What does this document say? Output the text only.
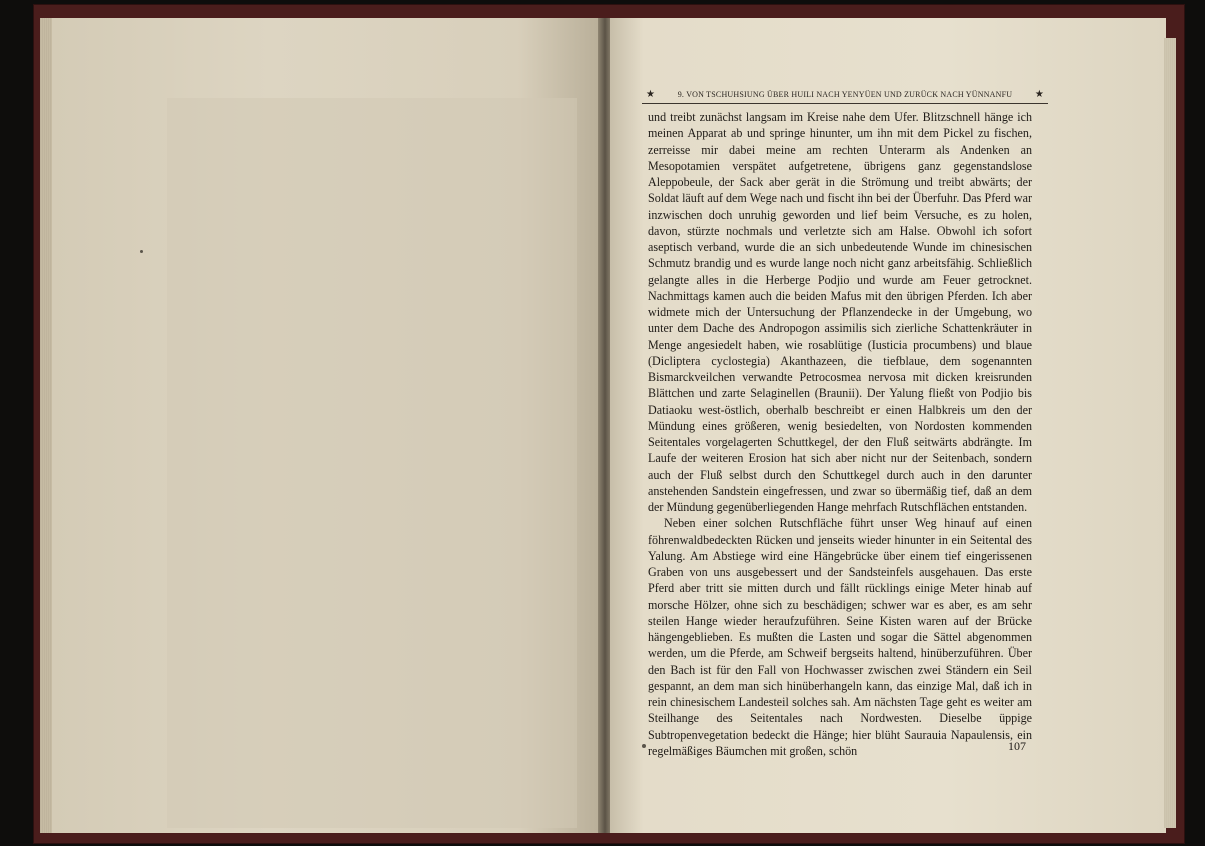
★	9. VON TSCHUHSIUNG ÜBER HUILI NACH YENYÜEN UND ZURÜCK NACH YÜNNANFU ★

und treibt zunächst langsam im Kreise nahe dem Ufer. Blitzschnell hänge ich meinen Apparat ab und springe hinunter, um ihn mit dem Pickel zu fischen, zerreisse mir dabei meine am rechten Unterarm als Andenken an Mesopotamien verspätet aufgetretene, übrigens ganz gegenstandslose Aleppobeule, der Sack aber gerät in die Strömung und treibt abwärts; der Soldat läuft auf dem Wege nach und fischt ihn bei der Überfuhr. Das Pferd war inzwischen doch unruhig geworden und lief beim Versuche, es zu holen, davon, stürzte nochmals und verletzte sich am Halse. Obwohl ich sofort aseptisch verband, wurde die an sich unbedeutende Wunde im chinesischen Schmutz brandig und es wurde lange noch nicht ganz arbeitsfähig. Schließlich gelangte alles in die Herberge Podjio und wurde am Feuer getrocknet. Nachmittags kamen auch die beiden Mafus mit den übrigen Pferden. Ich aber widmete mich der Untersuchung der Pflanzendecke in der Umgebung, wo unter dem Dache des Andropogon assimilis sich zierliche Schattenkräuter in Menge angesiedelt haben, wie rosablütige (Iusticia procumbens) und blaue (Dicliptera cyclostegia) Akanthazeen, die tiefblaue, dem sogenannten Bismarckveilchen verwandte Petrocosmea nervosa mit dicken kreisrunden Blättchen und zarte Selaginellen (Braunii). Der Yalung fließt von Podjio bis Datiaoku west-östlich, oberhalb beschreibt er einen Halbkreis um den der Mündung eines größeren, wenig besiedelten, von Nordosten kommenden Seitentales vorgelagerten Schuttkegel, der den Fluß seitwärts abdrängte. Im Laufe der weiteren Erosion hat sich aber nicht nur der Seitenbach, sondern auch der Fluß selbst durch den Schuttkegel durch auch in den darunter anstehenden Sandstein eingefressen, und zwar so übermäßig tief, daß an dem der Mündung gegenüberliegenden Hange mehrfach Rutschflächen entstanden.

Neben einer solchen Rutschfläche führt unser Weg hinauf auf einen föhrenwaldbedeckten Rücken und jenseits wieder hinunter in ein Seitental des Yalung. Am Abstiege wird eine Hängebrücke über einem tief eingerissenen Graben von uns ausgebessert und der Sandsteinfels ausgehauen. Das erste Pferd aber tritt sie mitten durch und fällt rücklings einige Meter hinab auf morsche Hölzer, ohne sich zu beschädigen; schwer war es aber, es am sehr steilen Hange wieder heraufzuführen. Seine Kisten waren auf der Brücke hängengeblieben. Es mußten die Lasten und sogar die Sättel abgenommen werden, um die Pferde, am Schweif bergseits haltend, hinüberzuführen. Über den Bach ist für den Fall von Hochwasser zwischen zwei Ständern ein Seil gespannt, an dem man sich hinüberhangeln kann, das einzige Mal, daß ich in rein chinesischem Landesteil solches sah. Am nächsten Tage geht es weiter am Steilhange des Seitentales nach Nordwesten. Dieselbe üppige Subtropenvegetation bedeckt die Hänge; hier blüht Saurauia Napaulensis, ein regelmäßiges Bäumchen mit großen, schön	107
